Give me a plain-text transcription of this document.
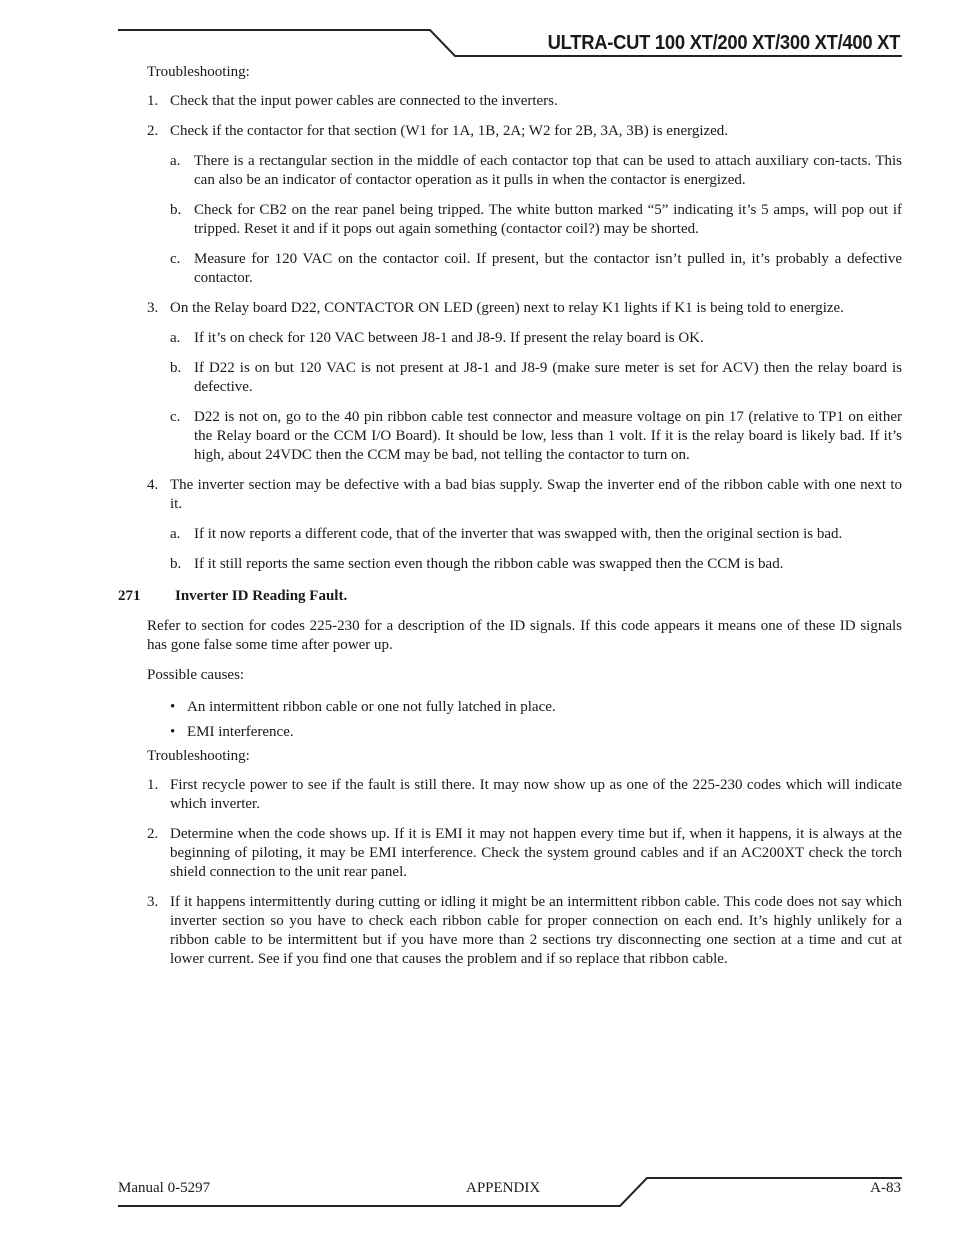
ULTRA-CUT 100 XT/200 XT/300 XT/400 XT
Troubleshooting:
1. Check that the input power cables are connected to the inverters.
2. Check if the contactor for that section (W1 for 1A, 1B, 2A; W2 for 2B, 3A, 3B) is energized.
a. There is a rectangular section in the middle of each contactor top that can be used to attach auxiliary con-tacts. This can also be an indicator of contactor operation as it pulls in when the contactor is energized.
b. Check for CB2 on the rear panel being tripped. The white button marked “5” indicating it’s 5 amps, will pop out if tripped. Reset it and if it pops out again something (contactor coil?) may be shorted.
c. Measure for 120 VAC on the contactor coil. If present, but the contactor isn’t pulled in, it’s probably a defective contactor.
3. On the Relay board D22, CONTACTOR ON LED (green) next to relay K1 lights if K1 is being told to energize.
a. If it’s on check for 120 VAC between J8-1 and J8-9. If present the relay board is OK.
b. If D22 is on but 120 VAC is not present at J8-1 and J8-9 (make sure meter is set for ACV) then the relay board is defective.
c. D22 is not on, go to the 40 pin ribbon cable test connector and measure voltage on pin 17 (relative to TP1 on either the Relay board or the CCM I/O Board). It should be low, less than 1 volt. If it is the relay board is likely bad. If it’s high, about 24VDC then the CCM may be bad, not telling the contactor to turn on.
4. The inverter section may be defective with a bad bias supply. Swap the inverter end of the ribbon cable with one next to it.
a. If it now reports a different code, that of the inverter that was swapped with, then the original section is bad.
b. If it still reports the same section even though the ribbon cable was swapped then the CCM is bad.
271	Inverter ID Reading Fault.
Refer to section for codes 225-230 for a description of the ID signals. If this code appears it means one of these ID signals has gone false some time after power up.
Possible causes:
• An intermittent ribbon cable or one not fully latched in place.
• EMI interference.
Troubleshooting:
1. First recycle power to see if the fault is still there. It may now show up as one of the 225-230 codes which will indicate which inverter.
2. Determine when the code shows up. If it is EMI it may not happen every time but if, when it happens, it is always at the beginning of piloting, it may be EMI interference. Check the system ground cables and if an AC200XT check the torch shield connection to the unit rear panel.
3. If it happens intermittently during cutting or idling it might be an intermittent ribbon cable. This code does not say which inverter section so you have to check each ribbon cable for proper connection on each end. It’s highly unlikely for a ribbon cable to be intermittent but if you have more than 2 sections try disconnecting one section at a time and cut at lower current. See if you find one that causes the problem and if so replace that ribbon cable.
Manual 0-5297	APPENDIX	A-83
